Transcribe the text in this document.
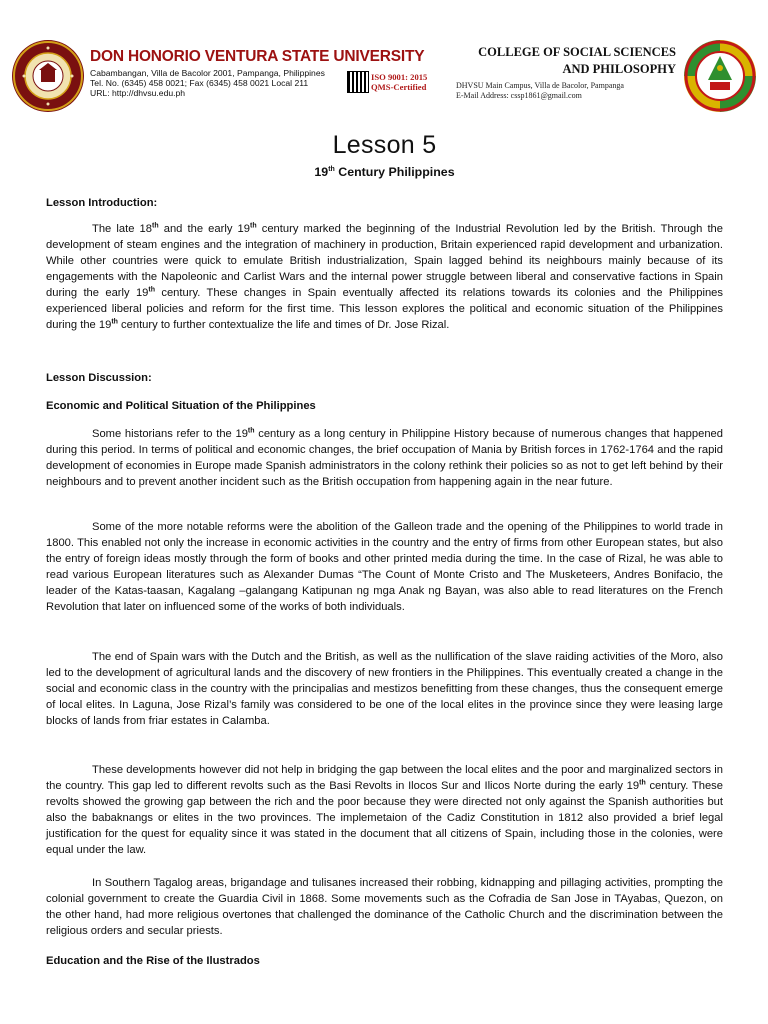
DON HONORIO VENTURA STATE UNIVERSITY
Cabambangan, Villa de Bacolor 2001, Pampanga, Philippines
Tel. No. (6345) 458 0021; Fax (6345) 458 0021 Local 211
URL: http://dhvsu.edu.ph
ISO 9001: 2015
QMS-Certified
COLLEGE OF SOCIAL SCIENCES
AND PHILOSOPHY
DHVSU Main Campus, Villa de Bacolor, Pampanga
E-Mail Address: cssp1861@gmail.com
Lesson 5
19th Century Philippines
Lesson Introduction:

The late 18th and the early 19th century marked the beginning of the Industrial Revolution led by the British. Through the development of steam engines and the integration of machinery in production, Britain experienced rapid development and urbanization. While other countries were quick to emulate British industrialization, Spain lagged behind its neighbours mainly because of its engagements with the Napoleonic and Carlist Wars and the internal power struggle between liberal and conservative factions in Spain during the early 19th century. These changes in Spain eventually affected its relations towards its colonies and the Philippines experienced liberal policies and reform for the first time. This lesson explores the political and economic situation of the Philippines during the 19th century to further contextualize the life and times of Dr. Jose Rizal.

Lesson Discussion:
Economic and Political Situation of the Philippines

Some historians refer to the 19th century as a long century in Philippine History because of numerous changes that happened during this period. In terms of political and economic changes, the brief occupation of Mania by British forces in 1762-1764 and the rapid development of economies in Europe made Spanish administrators in the colony rethink their policies so as not to get left behind by their neighbours and to prevent another incident such as the British occupation from happening again in the near future.

Some of the more notable reforms were the abolition of the Galleon trade and the opening of the Philippines to world trade in 1800. This enabled not only the increase in economic activities in the country and the entry of firms from other European states, but also the entry of foreign ideas mostly through the form of books and other printed media during the time. In the case of Rizal, he was able to read various European literatures such as Alexander Dumas “The Count of Monte Cristo and The Musketeers, Andres Bonifacio, the leader of the Katas-taasan, Kagalang –galangang Katipunan ng mga Anak ng Bayan, was also able to read literatures on the French Revolution that later on influenced some of the works of both individuals.

The end of Spain wars with the Dutch and the British, as well as the nullification of the slave raiding activities of the Moro, also led to the development of agricultural lands and the discovery of new frontiers in the Philippines. This eventually created a change in the social and economic class in the country with the principalias and mestizos benefitting from these changes, thus the consequent emerge of local elites. In Laguna, Jose Rizal’s family was considered to be one of the local elites in the province since they were leasing large blocks of lands from friar estates in Calamba.

These developments however did not help in bridging the gap between the local elites and the poor and marginalized sectors in the country. This gap led to different revolts such as the Basi Revolts in Ilocos Sur and Ilicos Norte during the early 19th century. These revolts showed the growing gap between the rich and the poor because they were directed not only against the Spanish authorities but also the babaknangs or elites in the two provinces. The implemetaion of the Cadiz Constitution in 1812 also provided a brief legal justification for the quest for equality since it was stated in the document that all citizens of Spain, including those in the colonies, were equal under the law.

In Southern Tagalog areas, brigandage and tulisanes increased their robbing, kidnapping and pillaging activities, prompting the colonial government to create the Guardia Civil in 1868. Some movements such as the Cofradia de San Jose in TAyabas, Quezon, on the other hand, had more religious overtones that challenged the dominance of the Catholic Church and the discrimination between the religious orders and secular priests.

Education and the Rise of the Ilustrados
